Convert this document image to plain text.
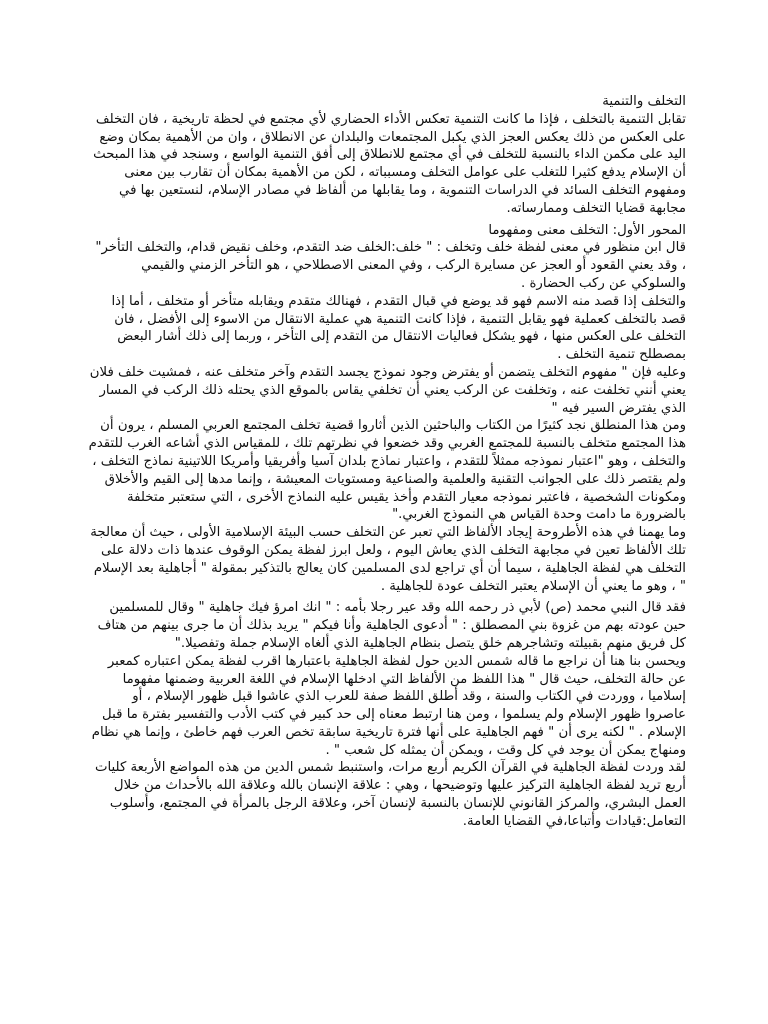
التخلف والتنمية

تقابل التنمية بالتخلف ، فإذا ما كانت التنمية تعكس الأداء الحضاري لأي مجتمع في لحظة تاريخية ، فان التخلف على العكس من ذلك يعكس العجز الذي يكبل المجتمعات والبلدان عن الانطلاق ، وان من الأهمية بمكان وضع اليد على مكمن الداء بالنسبة للتخلف في أي مجتمع للانطلاق إلى أفق التنمية الواسع ، وسنجد في هذا المبحث أن الإسلام يدفع كثيرا للتغلب على عوامل التخلف ومسبباته ، لكن من الأهمية بمكان أن تقارب بين معنى ومفهوم التخلف السائد في الدراسات التنموية ، وما يقابلها من ألفاظ في مصادر الإسلام، لنستعين بها في مجابهة قضايا التخلف وممارساته.

المحور الأول: التخلف معنى ومفهوما

قال ابن منظور في معنى لفظة خلف وتخلف : " خلف:الخلف ضد التقدم، وخلف نقيض قدام، والتخلف التأخر" ، وقد يعني القعود أو العجز عن مسايرة الركب ، وفي المعنى الاصطلاحي ، هو التأخر الزمني والقيمي والسلوكي عن ركب الحضارة .

والتخلف إذا قصد منه الاسم فهو قد يوضع في قبال التقدم ، فهنالك متقدم ويقابله متأخر أو متخلف ، أما إذا قصد بالتخلف كعملية فهو يقابل التنمية ، فإذا كانت التنمية هي عملية الانتقال من الاسوء إلى الأفضل ، فان التخلف على العكس منها ، فهو يشكل فعاليات الانتقال من التقدم إلى التأخر ، وربما إلى ذلك أشار البعض بمصطلح تنمية التخلف .

وعليه فإن " مفهوم التخلف يتضمن أو يفترض وجود نموذج يجسد التقدم وآخر متخلف عنه ، فمشيت خلف فلان يعني أنني تخلفت عنه ، وتخلفت عن الركب يعني أن تخلفي يقاس بالموقع الذي يحتله ذلك الركب في المسار الذي يفترض السير فيه "

ومن هذا المنطلق نجد كثيرًا من الكتاب والباحثين الذين أثاروا قضية تخلف المجتمع العربي المسلم ، يرون أن هذا المجتمع متخلف بالنسبة للمجتمع الغربي وقد خضعوا في نظرتهم تلك ، للمقياس الذي أشاعه الغرب للتقدم والتخلف ، وهو "اعتبار نموذجه ممثلاً للتقدم ، واعتبار نماذج بلدان آسيا وأفريقيا وأمريكا اللاتينية نماذج التخلف ، ولم يقتصر ذلك على الجوانب التقنية والعلمية والصناعية ومستويات المعيشة ، وإنما مدها إلى القيم والأخلاق ومكونات الشخصية ، فاعتبر نموذجه معيار التقدم وأخذ يقيس عليه النماذج الأخرى ، التي ستعتبر متخلفة بالضرورة ما دامت وحدة القياس هي النموذج الغربي."

وما يهمنا في هذه الأطروحة إيجاد الألفاظ التي تعبر عن التخلف حسب البيئة الإسلامية الأولى ، حيث أن معالجة تلك الألفاظ تعين في مجابهة التخلف الذي يعاش اليوم ، ولعل ابرز لفظة يمكن الوقوف عندها ذات دلالة على التخلف هي لفظة الجاهلية ، سيما أن أي تراجع لدى المسلمين كان يعالج بالتذكير بمقولة " أجاهلية بعد الإسلام " ، وهو ما يعني أن الإسلام يعتبر التخلف عودة للجاهلية .

فقد قال النبي محمد (ص) لأبي ذر رحمه الله وقد عير رجلا بأمه : " انك امرؤ فيك جاهلية " وقال للمسلمين حين عودته بهم من غزوة بني المصطلق : " أدعوى الجاهلية وأنا فيكم " يريد بذلك أن ما جرى بينهم من هتاف كل فريق منهم بقبيلته وتشاجرهم خلق يتصل بنظام الجاهلية الذي ألغاه الإسلام جملة وتفصيلا."

ويحسن بنا هنا أن نراجع ما قاله شمس الدين حول لفظة الجاهلية باعتبارها اقرب لفظة يمكن اعتباره كمعبر عن حالة التخلف، حيث قال " هذا اللفظ من الألفاظ التي ادخلها الإسلام في اللغة العربية وضمنها مفهوما إسلاميا ، ووردت في الكتاب والسنة ، وقد أطلق اللفظ صفة للعرب الذي عاشوا قبل ظهور الإسلام ، أو عاصروا ظهور الإسلام ولم يسلموا ، ومن هنا ارتبط معناه إلى حد كبير في كتب الأدب والتفسير بفترة ما قبل الإسلام . " لكنه يرى أن " فهم الجاهلية على أنها فترة تاريخية سابقة تخص العرب فهم خاطئ ، وإنما هي نظام ومنهاج يمكن أن يوجد في كل وقت ، ويمكن أن يمثله كل شعب " .

لقد وردت لفظة الجاهلية في القرآن الكريم أربع مرات، واستنبط شمس الدين من هذه المواضع الأربعة كليات أربع تريد لفظة الجاهلية التركيز عليها وتوضيحها ، وهي : علاقة الإنسان بالله وعلاقة الله بالأحداث من خلال العمل البشري، والمركز القانوني للإنسان بالنسبة لإنسان آخر، وعلاقة الرجل بالمرأة في المجتمع، وأسلوب التعامل:قيادات وأتباعا،في القضايا العامة.
